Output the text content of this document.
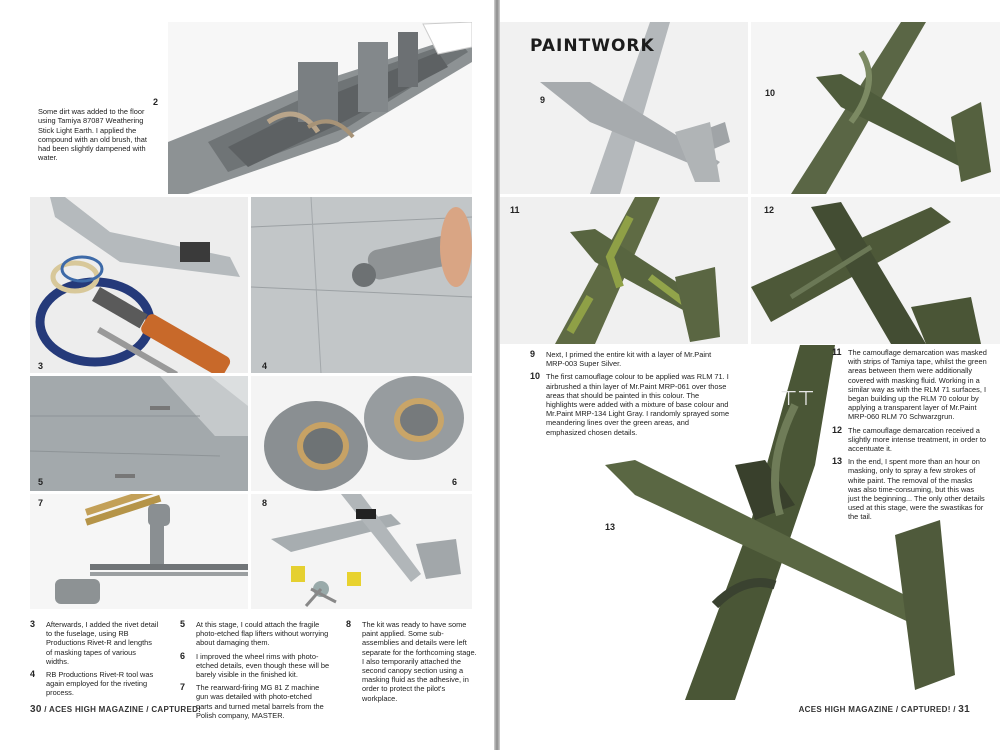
2
Some dirt was added to the floor using Tamiya 87087 Weathering Stick Light Earth. I applied the compound with an old brush, that had been slightly dampened with water.
3	4
5	6
7	8

3 Afterwards, I added the rivet detail to the fuselage, using RB Productions Rivet-R and lengths of masking tapes of various widths.

4 RB Productions Rivet-R tool was again employed for the riveting process.

5 At this stage, I could attach the fragile photo-etched flap lifters without worrying about damaging them.

6 I improved the wheel rims with photo-etched details, even though these will be barely visible in the finished kit.

7 The rearward-firing MG 81 Z machine gun was detailed with photo-etched parts and turned metal barrels from the Polish company, MASTER.

8 The kit was ready to have some paint applied. Some sub-assemblies and details were left separate for the forthcoming stage. I also temporarily attached the second canopy section using a masking fluid as the adhesive, in order to protect the pilot's workplace.

30 / ACES HIGH MAGAZINE / CAPTURED!
9
PAINTWORK
⊤⊤
10
11	12
13

9 Next, I primed the entire kit with a layer of Mr.Paint MRP-003 Super Silver.

10 The first camouflage colour to be applied was RLM 71. I airbrushed a thin layer of Mr.Paint MRP-061 over those areas that should be painted in this colour. The highlights were added with a mixture of base colour and Mr.Paint MRP-134 Light Gray. I randomly sprayed some meandering lines over the green areas, and emphasized chosen details.

11 The camouflage demarcation was masked with strips of Tamiya tape, whilst the green areas between them were additionally covered with masking fluid. Working in a similar way as with the RLM 71 surfaces, I began building up the RLM 70 colour by applying a transparent layer of Mr.Paint MRP-060 RLM 70 Schwarzgrun.

12 The camouflage demarcation received a slightly more intense treatment, in order to accentuate it.

13 In the end, I spent more than an hour on masking, only to spray a few strokes of white paint. The removal of the masks was also time-consuming, but this was just the beginning... The only other details used at this stage, were the swastikas for the tail.

MODEL	ACES HIGH MAGAZINE / CAPTURED! / 31
